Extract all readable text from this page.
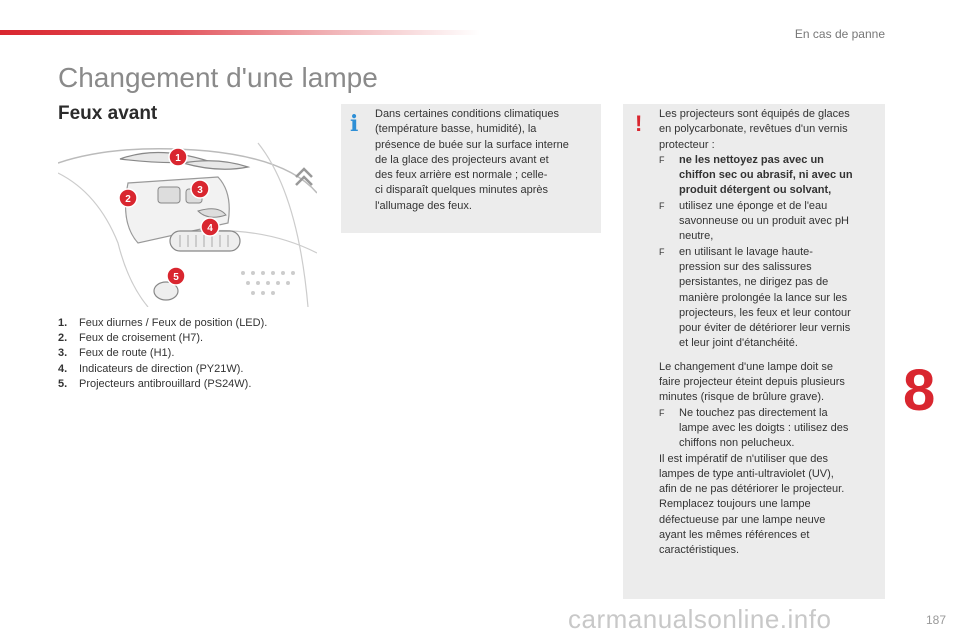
En cas de panne
Changement d'une lampe
Feux avant
1
2
3
4
5
1.	Feux diurnes / Feux de position (LED).
2.	Feux de croisement (H7).
3.	Feux de route (H1).
4.	Indicateurs de direction (PY21W).
5.	Projecteurs antibrouillard (PS24W).
i Dans certaines conditions climatiques
(température basse, humidité), la
présence de buée sur la surface interne
de la glace des projecteurs avant et
des feux arrière est normale ; celle-
ci disparaît quelques minutes après
l'allumage des feux.
! Les projecteurs sont équipés de glaces
en polycarbonate, revêtues d'un vernis
protecteur :
F	ne les nettoyez pas avec un
chiffon sec ou abrasif, ni avec un
produit détergent ou solvant,
F	utilisez une éponge et de l'eau
savonneuse ou un produit avec pH
neutre,
F	en utilisant le lavage haute-
pression sur des salissures
persistantes, ne dirigez pas de
manière prolongée la lance sur les
projecteurs, les feux et leur contour
pour éviter de détériorer leur vernis
et leur joint d'étanchéité.
Le changement d'une lampe doit se
faire projecteur éteint depuis plusieurs
minutes (risque de brûlure grave).
F	Ne touchez pas directement la
lampe avec les doigts : utilisez des
chiffons non pelucheux.
Il est impératif de n'utiliser que des
lampes de type anti-ultraviolet (UV),
afin de ne pas détériorer le projecteur.
Remplacez toujours une lampe
défectueuse par une lampe neuve
ayant les mêmes références et
caractéristiques.
8
carmanualsonline.info	187
